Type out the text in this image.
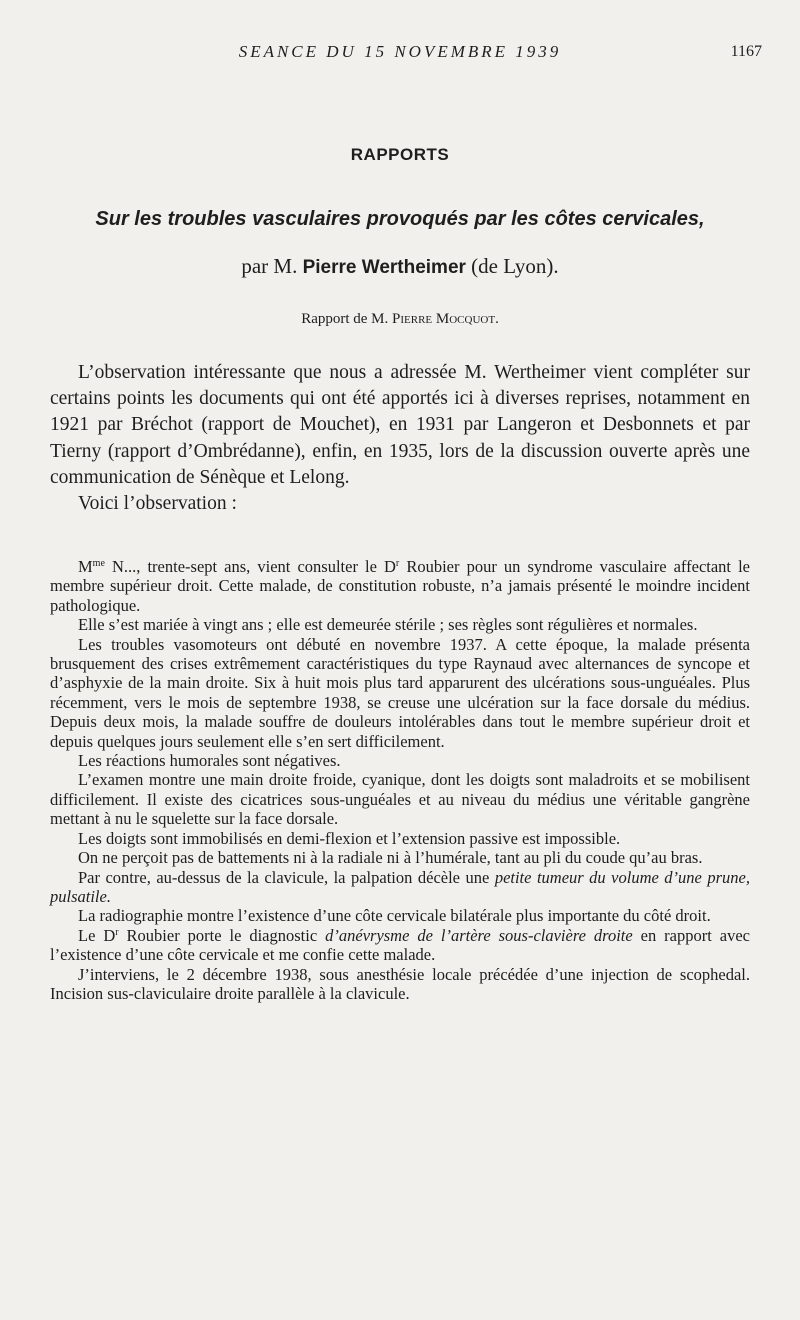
SEANCE DU 15 NOVEMBRE 1939	1167
RAPPORTS
Sur les troubles vasculaires provoqués par les côtes cervicales,
par M. Pierre Wertheimer (de Lyon).
Rapport de M. Pierre Mocquot.

L’observation intéressante que nous a adressée M. Wertheimer vient compléter sur certains points les documents qui ont été apportés ici à diverses reprises, notamment en 1921 par Bréchot (rapport de Mouchet), en 1931 par Langeron et Desbonnets et par Tierny (rapport d’Ombrédanne), enfin, en 1935, lors de la discussion ouverte après une communication de Sénèque et Lelong.

Voici l’observation :

$M^{me}$ N..., trente-sept ans, vient consulter le $D^r$ Roubier pour un syndrome vasculaire affectant le membre supérieur droit. Cette malade, de constitution robuste, n’a jamais présenté le moindre incident pathologique.

Elle s’est mariée à vingt ans ; elle est demeurée stérile ; ses règles sont régulières et normales.

Les troubles vasomoteurs ont débuté en novembre 1937. A cette époque, la malade présenta brusquement des crises extrêmement caractéristiques du type Raynaud avec alternances de syncope et d’asphyxie de la main droite. Six à huit mois plus tard apparurent des ulcérations sous-unguéales. Plus récemment, vers le mois de septembre 1938, se creuse une ulcération sur la face dorsale du médius. Depuis deux mois, la malade souffre de douleurs intolérables dans tout le membre supérieur droit et depuis quelques jours seulement elle s’en sert difficilement.

Les réactions humorales sont négatives.

L’examen montre une main droite froide, cyanique, dont les doigts sont maladroits et se mobilisent difficilement. Il existe des cicatrices sous-unguéales et au niveau du médius une véritable gangrène mettant à nu le squelette sur la face dorsale.

Les doigts sont immobilisés en demi-flexion et l’extension passive est impossible.

On ne perçoit pas de battements ni à la radiale ni à l’humérale, tant au pli du coude qu’au bras.

Par contre, au-dessus de la clavicule, la palpation décèle une petite tumeur du volume d’une prune, pulsatile.

La radiographie montre l’existence d’une côte cervicale bilatérale plus importante du côté droit.

Le $D^r$ Roubier porte le diagnostic d’anévrysme de l’artère sous-clavière droite en rapport avec l’existence d’une côte cervicale et me confie cette malade.

J’interviens, le 2 décembre 1938, sous anesthésie locale précédée d’une injection de scophedal. Incision sus-claviculaire droite parallèle à la clavicule.
